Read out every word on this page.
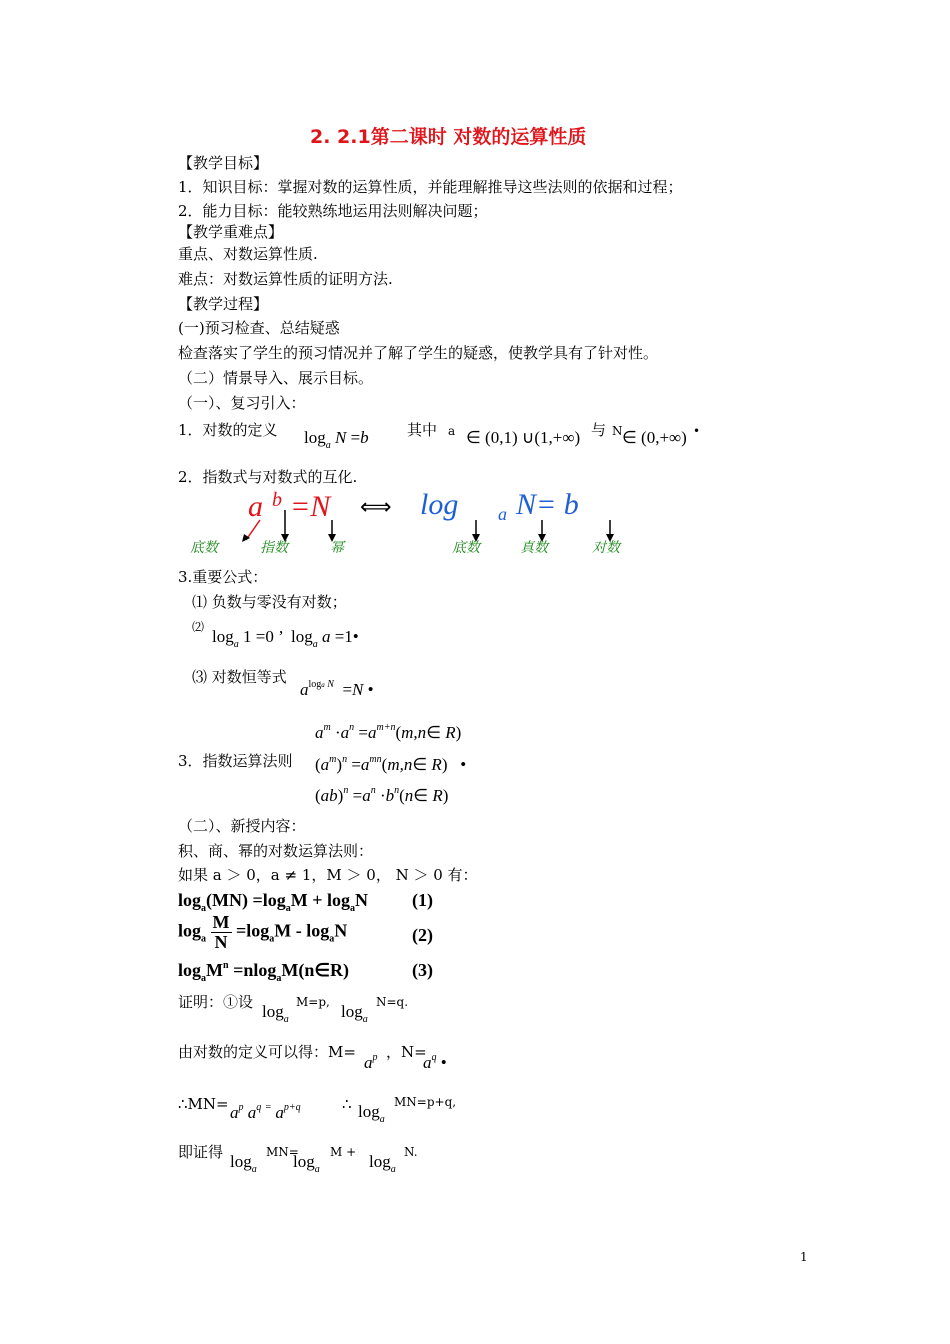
2. 2.1第二课时 对数的运算性质
【教学目标】
1．知识目标：掌握对数的运算性质，并能理解推导这些法则的依据和过程；
2．能力目标：能较熟练地运用法则解决问题；
【教学重难点】
重点、对数运算性质.
难点：对数运算性质的证明方法.
【教学过程】
(一)预习检查、总结疑惑
检查落实了学生的预习情况并了解了学生的疑惑，使教学具有了针对性。
（二）情景导入、展示目标。
（一）、复习引入：
1．对数的定义 $\log_a N =b$	其中 a ∈ (0,1) ∪(1,+∞) 与 N ∈ (0,+∞) •
2．指数式与对数式的互化.
a b =N ⟺ log a N= b
底数	指数	幂	底数	真数	对数
3.重要公式：
⑴ 负数与零没有对数；
⑵ $\log_a 1 =0$ ’  $\log_a a$ =1•
⑶ 对数恒等式
$a^{loga N} =N$ •
$a^m \cdot a^n$ $=a^{m+n}(m,n\in$ R)
3．指数运算法则 $(a^m)^n$ $=a^{mn}(m,n\in$ R)   •
$(ab)^n =a^n$ $\cdot b^n(n\in$ R)
（二）、新授内容：
积、商、幂的对数运算法则：
如果 a ＞ 0，a ≠ 1，M ＞ 0， N ＞ 0 有：
$\log_a(MN) =\log_aM + \log_aN$ (1)
$\log_a \frac{M}{N} =\log_aM - \log_aN$	(2)
$\log_aM^n$ =nlog$_a$M(n∈R)	(3)
证明：①设 $\log_a$
M=p, $\log_a$
N=q.
由对数的定义可以得：M=
$a^p$ ，N=
$a^q$ •
∴MN= $a^p$ $a^q$ = $a^{p+q}$	∴ $\log_a$
MN=p+q,
即证得 $\log_a$
MN=
$\log_a$
$M + \log_a$
N.
1
